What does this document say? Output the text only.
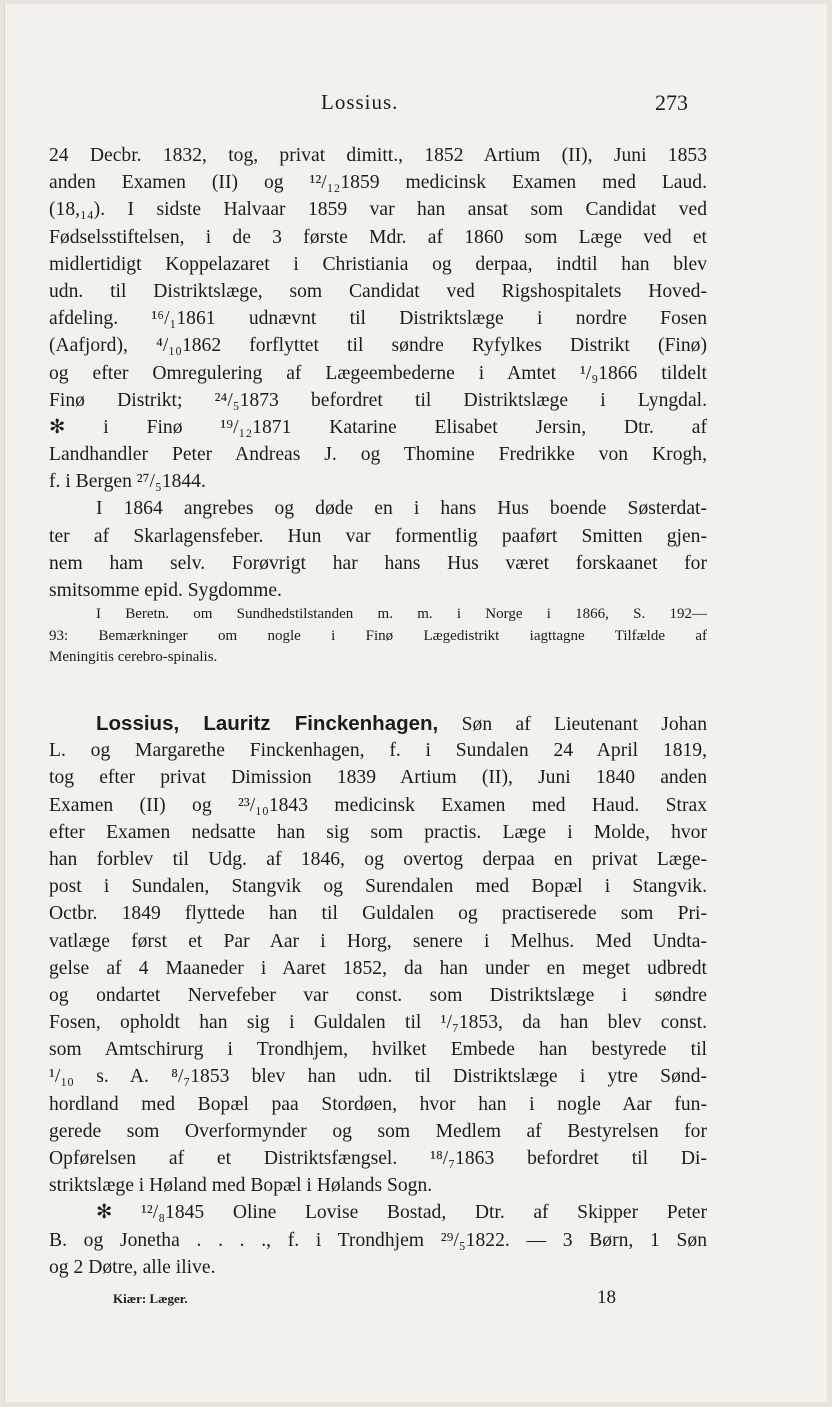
Lossius.	273
24 Decbr. 1832, tog, privat dimitt., 1852 Artium (II), Juni 1853
anden Examen (II) og ¹²/₁₂1859 medicinsk Examen med Laud.
(18,₁₄). I sidste Halvaar 1859 var han ansat som Candidat ved
Fødselsstiftelsen, i de 3 første Mdr. af 1860 som Læge ved et
midlertidigt Koppelazaret i Christiania og derpaa, indtil han blev
udn. til Distriktslæge, som Candidat ved Rigshospitalets Hoved-
afdeling. ¹⁶/₁1861 udnævnt til Distriktslæge i nordre Fosen
(Aafjord), ⁴/₁₀1862 forflyttet til søndre Ryfylkes Distrikt (Finø)
og efter Omregulering af Lægeembederne i Amtet ¹/₉1866 tildelt
Finø Distrikt; ²⁴/₅1873 befordret til Distriktslæge i Lyngdal.
✻ i Finø ¹⁹/₁₂1871 Katarine Elisabet Jersin, Dtr. af
Landhandler Peter Andreas J. og Thomine Fredrikke von Krogh,
f. i Bergen ²⁷/₅1844.
I 1864 angrebes og døde en i hans Hus boende Søsterdat-
ter af Skarlagensfeber. Hun var formentlig paaført Smitten gjen-
nem ham selv. Forøvrigt har hans Hus været forskaanet for
smitsomme epid. Sygdomme.
I Beretn. om Sundhedstilstanden m. m. i Norge i 1866, S. 192—
93: Bemærkninger om nogle i Finø Lægedistrikt iagttagne Tilfælde af
Meningitis cerebro-spinalis.
Lossius, Lauritz Finckenhagen, Søn af Lieutenant Johan
L. og Margarethe Finckenhagen, f. i Sundalen 24 April 1819,
tog efter privat Dimission 1839 Artium (II), Juni 1840 anden
Examen (II) og ²³/₁₀1843 medicinsk Examen med Haud. Strax
efter Examen nedsatte han sig som practis. Læge i Molde, hvor
han forblev til Udg. af 1846, og overtog derpaa en privat Læge-
post i Sundalen, Stangvik og Surendalen med Bopæl i Stangvik.
Octbr. 1849 flyttede han til Guldalen og practiserede som Pri-
vatlæge først et Par Aar i Horg, senere i Melhus. Med Undta-
gelse af 4 Maaneder i Aaret 1852, da han under en meget udbredt
og ondartet Nervefeber var const. som Distriktslæge i søndre
Fosen, opholdt han sig i Guldalen til ¹/₇1853, da han blev const.
som Amtschirurg i Trondhjem, hvilket Embede han bestyrede til
¹/₁₀ s. A. ⁸/₇1853 blev han udn. til Distriktslæge i ytre Sønd-
hordland med Bopæl paa Stordøen, hvor han i nogle Aar fun-
gerede som Overformynder og som Medlem af Bestyrelsen for
Opførelsen af et Distriktsfængsel. ¹⁸/₇1863 befordret til Di-
striktslæge i Høland med Bopæl i Hølands Sogn.
✻ ¹²/₈1845 Oline Lovise Bostad, Dtr. af Skipper Peter
B. og Jonetha . . . ., f. i Trondhjem ²⁹/₅1822. — 3 Børn, 1 Søn
og 2 Døtre, alle ilive.
Kiær: Læger.	18
